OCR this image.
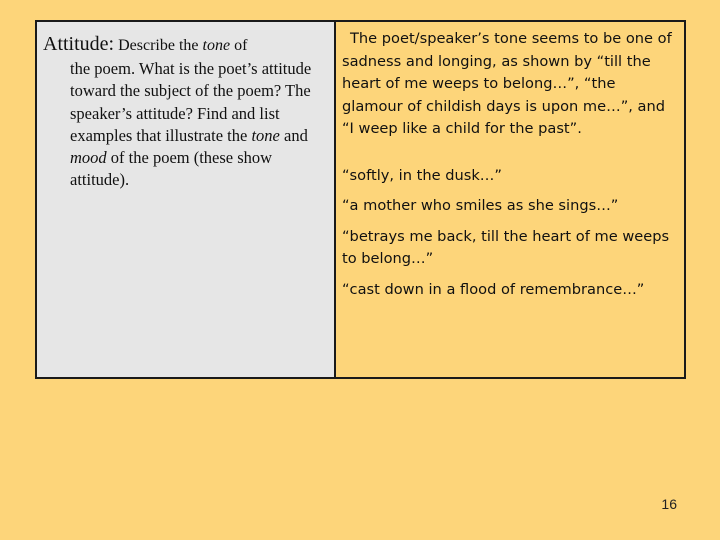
Attitude: Describe the tone of
the poem. What is the poet’s attitude toward the subject of the poem? The speaker’s attitude? Find and list examples that illustrate the tone and mood of the poem (these show attitude).

The poet/speaker’s tone seems to be one of sadness and longing, as shown by “till the heart of me weeps to belong…”, “the glamour of childish days is upon me…”, and “I weep like a child for the past”.

“softly, in the dusk…”

“a mother who smiles as she sings…”

“betrays me back, till the heart of me weeps to belong…”

“cast down in a flood of remembrance…”

16
